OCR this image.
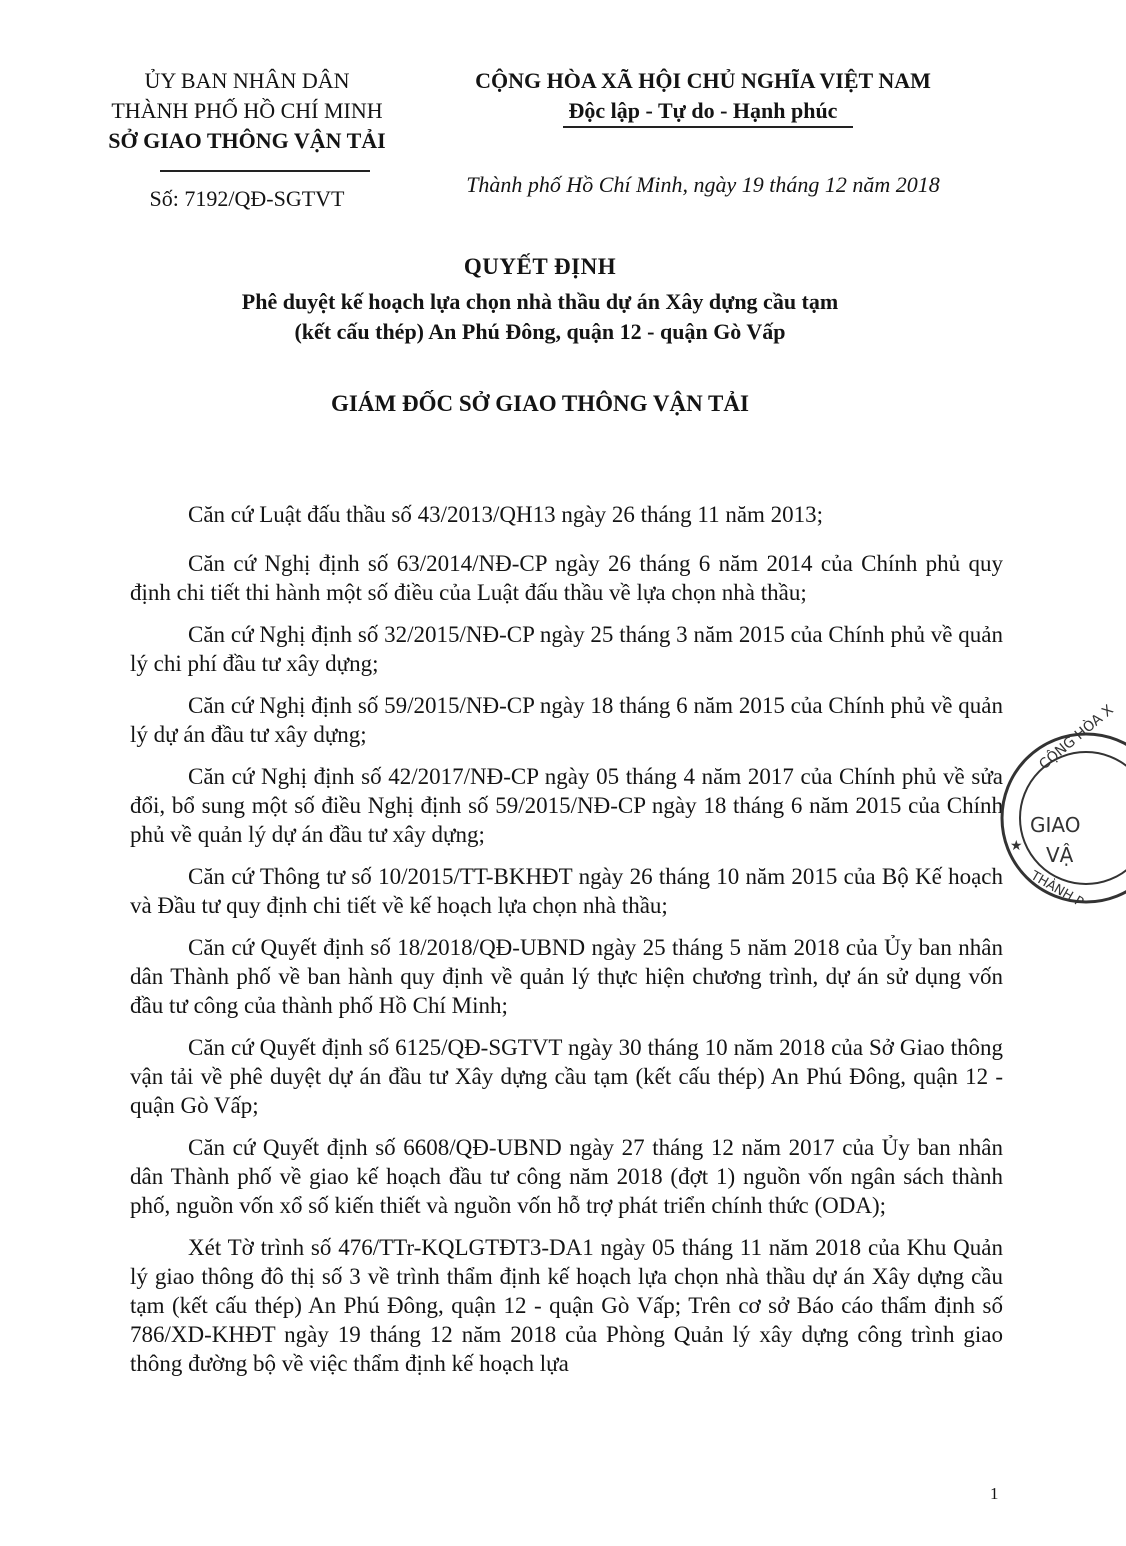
ỦY BAN NHÂN DÂN
THÀNH PHỐ HỒ CHÍ MINH
SỞ GIAO THÔNG VẬN TẢI
CỘNG HÒA XÃ HỘI CHỦ NGHĨA VIỆT NAM
Độc lập - Tự do - Hạnh phúc
Số: 7192/QĐ-SGTVT
Thành phố Hồ Chí Minh, ngày 19 tháng 12 năm 2018
QUYẾT ĐỊNH
Phê duyệt kế hoạch lựa chọn nhà thầu dự án Xây dựng cầu tạm
(kết cấu thép) An Phú Đông, quận 12 - quận Gò Vấp
GIÁM ĐỐC SỞ GIAO THÔNG VẬN TẢI

Căn cứ Luật đấu thầu số 43/2013/QH13 ngày 26 tháng 11 năm 2013;

Căn cứ Nghị định số 63/2014/NĐ-CP ngày 26 tháng 6 năm 2014 của Chính phủ quy định chi tiết thi hành một số điều của Luật đấu thầu về lựa chọn nhà thầu;

Căn cứ Nghị định số 32/2015/NĐ-CP ngày 25 tháng 3 năm 2015 của Chính phủ về quản lý chi phí đầu tư xây dựng;

Căn cứ Nghị định số 59/2015/NĐ-CP ngày 18 tháng 6 năm 2015 của Chính phủ về quản lý dự án đầu tư xây dựng;

Căn cứ Nghị định số 42/2017/NĐ-CP ngày 05 tháng 4 năm 2017 của Chính phủ về sửa đổi, bổ sung một số điều Nghị định số 59/2015/NĐ-CP ngày 18 tháng 6 năm 2015 của Chính phủ về quản lý dự án đầu tư xây dựng;

Căn cứ Thông tư số 10/2015/TT-BKHĐT ngày 26 tháng 10 năm 2015 của Bộ Kế hoạch và Đầu tư quy định chi tiết về kế hoạch lựa chọn nhà thầu;

Căn cứ Quyết định số 18/2018/QĐ-UBND ngày 25 tháng 5 năm 2018 của Ủy ban nhân dân Thành phố về ban hành quy định về quản lý thực hiện chương trình, dự án sử dụng vốn đầu tư công của thành phố Hồ Chí Minh;

Căn cứ Quyết định số 6125/QĐ-SGTVT ngày 30 tháng 10 năm 2018 của Sở Giao thông vận tải về phê duyệt dự án đầu tư Xây dựng cầu tạm (kết cấu thép) An Phú Đông, quận 12 - quận Gò Vấp;

Căn cứ Quyết định số 6608/QĐ-UBND ngày 27 tháng 12 năm 2017 của Ủy ban nhân dân Thành phố về giao kế hoạch đầu tư công năm 2018 (đợt 1) nguồn vốn ngân sách thành phố, nguồn vốn xổ số kiến thiết và nguồn vốn hỗ trợ phát triển chính thức (ODA);

Xét Tờ trình số 476/TTr-KQLGTĐT3-DA1 ngày 05 tháng 11 năm 2018 của Khu Quản lý giao thông đô thị số 3 về trình thẩm định kế hoạch lựa chọn nhà thầu dự án Xây dựng cầu tạm (kết cấu thép) An Phú Đông, quận 12 - quận Gò Vấp; Trên cơ sở Báo cáo thẩm định số 786/XD-KHĐT ngày 19 tháng 12 năm 2018 của Phòng Quản lý xây dựng công trình giao thông đường bộ về việc thẩm định kế hoạch lựa

CỘNG HÒA X
GIAO
VẬ
THÀNH P
★
1
